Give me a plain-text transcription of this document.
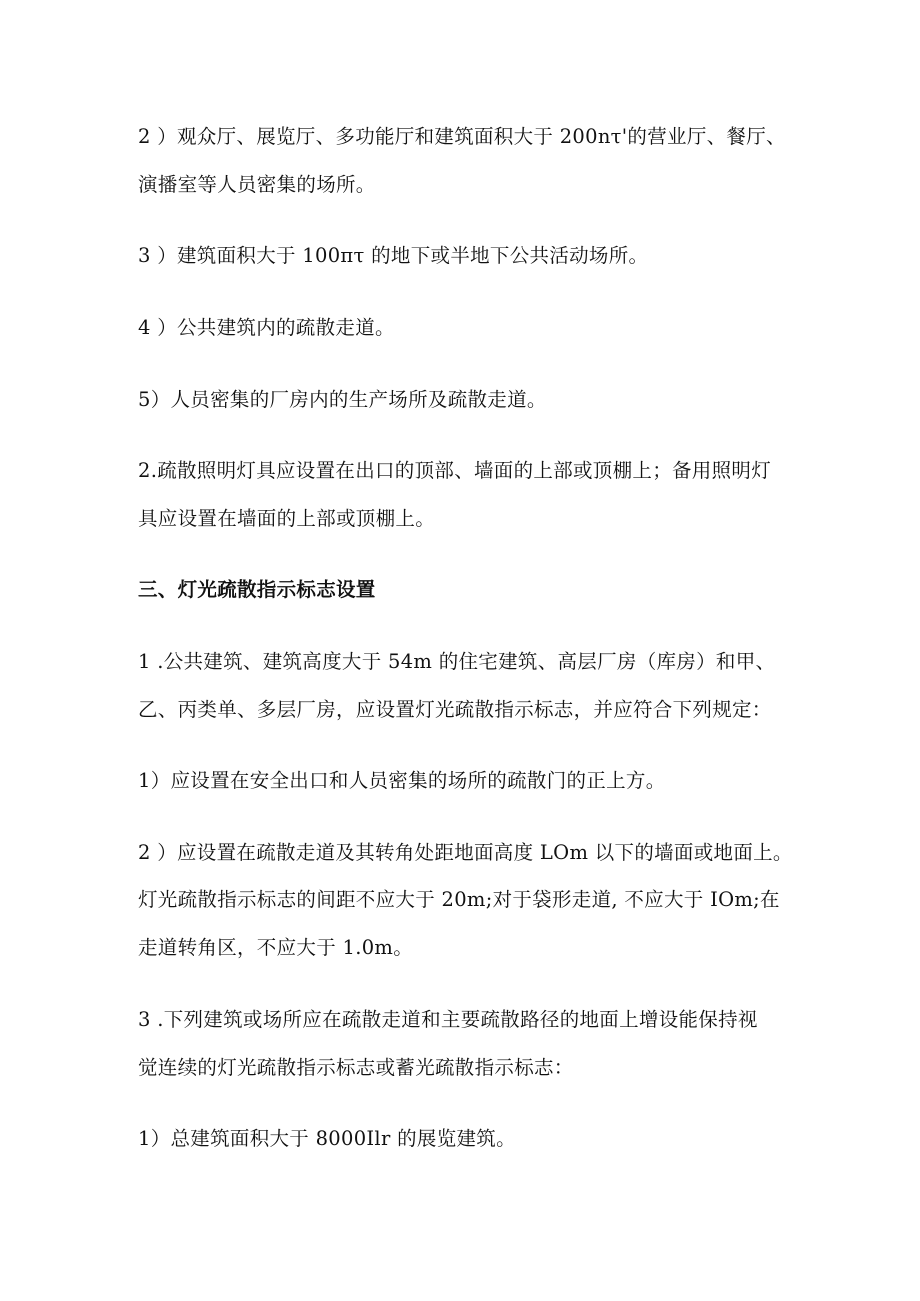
2 ）观众厅、展览厅、多功能厅和建筑面积大于 200nτ'的营业厅、餐厅、
演播室等人员密集的场所。
3 ）建筑面积大于 100πτ 的地下或半地下公共活动场所。
4 ）公共建筑内的疏散走道。
5）人员密集的厂房内的生产场所及疏散走道。
2.疏散照明灯具应设置在出口的顶部、墙面的上部或顶棚上；备用照明灯
具应设置在墙面的上部或顶棚上。
三、灯光疏散指示标志设置
1 .公共建筑、建筑高度大于 54m 的住宅建筑、高层厂房（库房）和甲、
乙、丙类单、多层厂房，应设置灯光疏散指示标志，并应符合下列规定：
1）应设置在安全出口和人员密集的场所的疏散门的正上方。
2 ）应设置在疏散走道及其转角处距地面高度 LOm 以下的墙面或地面上。
灯光疏散指示标志的间距不应大于 20m;对于袋形走道, 不应大于 IOm;在
走道转角区，不应大于 1.0m。
3 .下列建筑或场所应在疏散走道和主要疏散路径的地面上增设能保持视
觉连续的灯光疏散指示标志或蓄光疏散指示标志：
1）总建筑面积大于 8000Ilr 的展览建筑。
